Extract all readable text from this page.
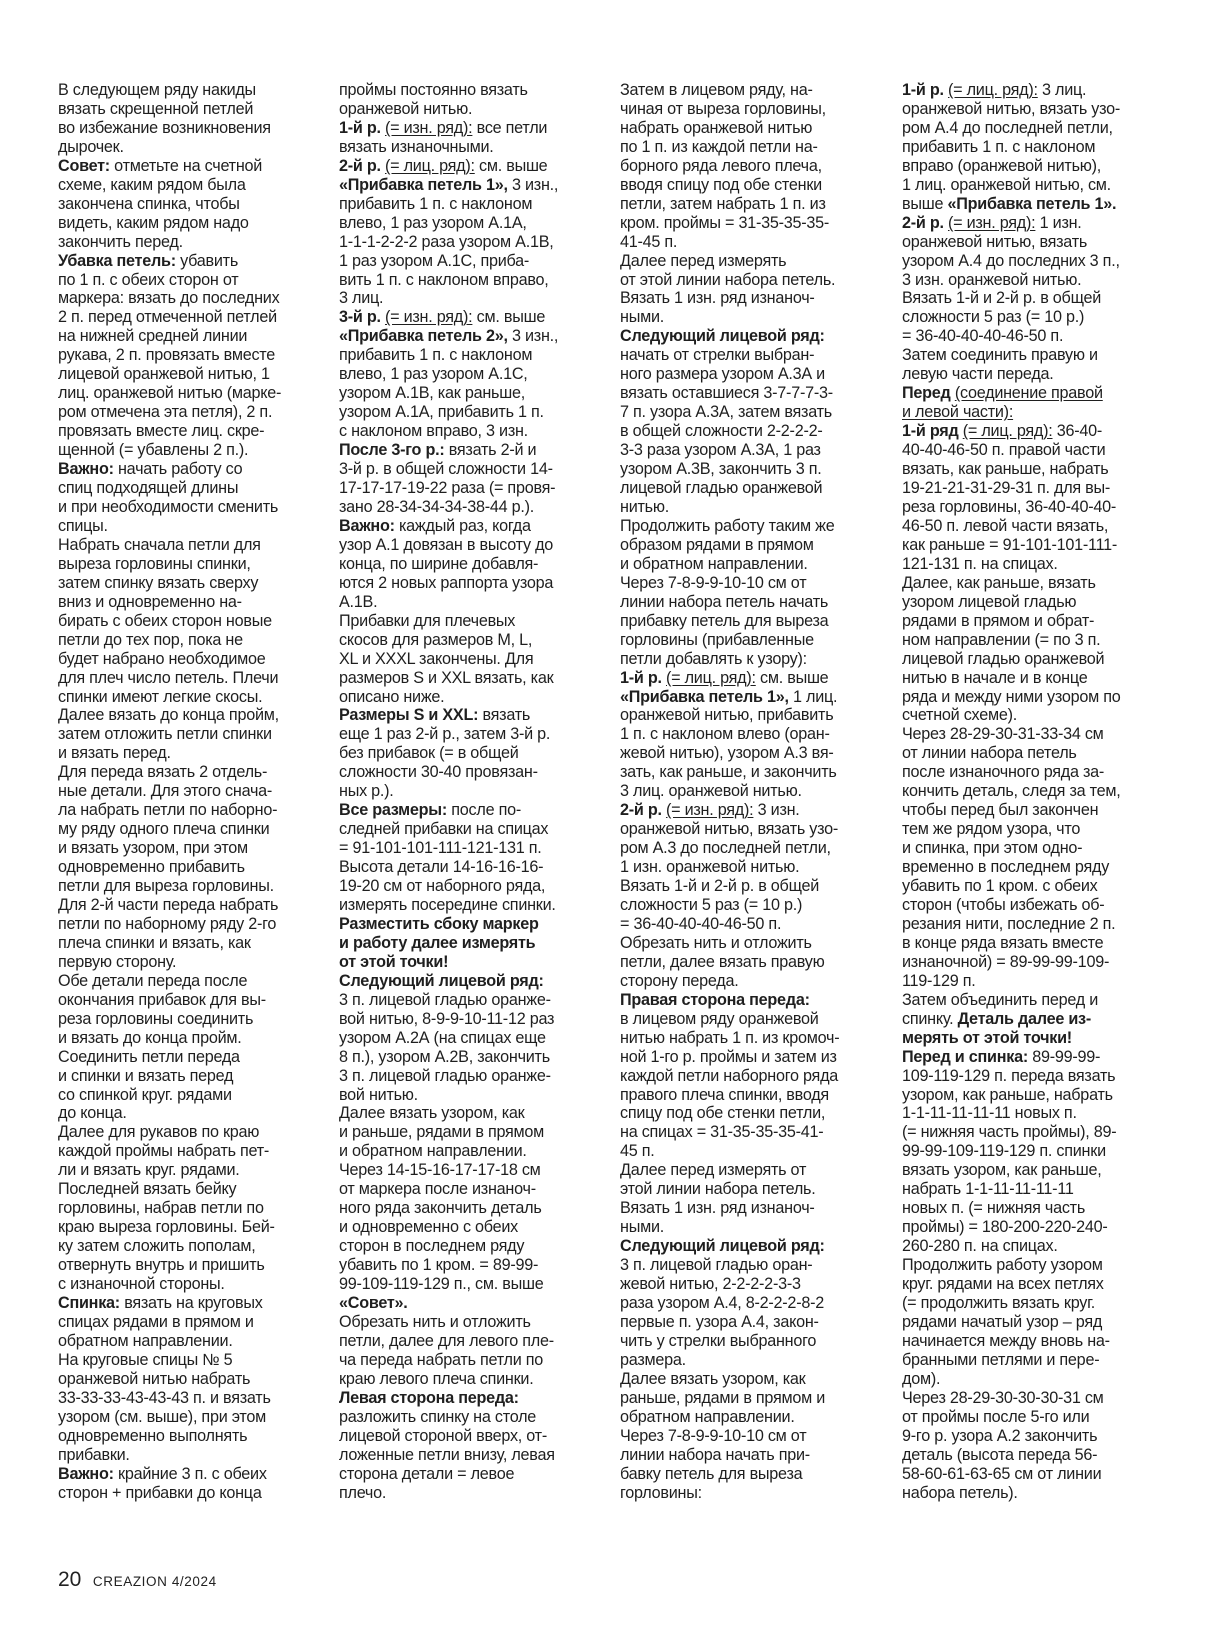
В следующем ряду накиды

вязать скрещенной петлей

во избежание возникновения

дырочек.

Совет: отметьте на счетной

схеме, каким рядом была

закончена спинка, чтобы

видеть, каким рядом надо

закончить перед.

Убавка петель: убавить

по 1 п. с обеих сторон от

маркера: вязать до последних

2 п. перед отмеченной петлей

на нижней средней линии

рукава, 2 п. провязать вместе

лицевой оранжевой нитью, 1

лиц. оранжевой нитью (марке-

ром отмечена эта петля), 2 п.

провязать вместе лиц. скре-

щенной (= убавлены 2 п.).

Важно: начать работу со

спиц подходящей длины

и при необходимости сменить

спицы.

Набрать сначала петли для

выреза горловины спинки,

затем спинку вязать сверху

вниз и одновременно на-

бирать с обеих сторон новые

петли до тех пор, пока не

будет набрано необходимое

для плеч число петель. Плечи

спинки имеют легкие скосы.

Далее вязать до конца пройм,

затем отложить петли спинки

и вязать перед.

Для переда вязать 2 отдель-

ные детали. Для этого снача-

ла набрать петли по наборно-

му ряду одного плеча спинки

и вязать узором, при этом

одновременно прибавить

петли для выреза горловины.

Для 2-й части переда набрать

петли по наборному ряду 2-го

плеча спинки и вязать, как

первую сторону.

Обе детали переда после

окончания прибавок для вы-

реза горловины соединить

и вязать до конца пройм.

Соединить петли переда

и спинки и вязать перед

со спинкой круг. рядами

до конца.

Далее для рукавов по краю

каждой проймы набрать пет-

ли и вязать круг. рядами.

Последней вязать бейку

горловины, набрав петли по

краю выреза горловины. Бей-

ку затем сложить пополам,

отвернуть внутрь и пришить

с изнаночной стороны.

Спинка: вязать на круговых

спицах рядами в прямом и

обратном направлении.

На круговые спицы № 5

оранжевой нитью набрать

33-33-33-43-43-43 п. и вязать

узором (см. выше), при этом

одновременно выполнять

прибавки.

Важно: крайние 3 п. с обеих

сторон + прибавки до конца

проймы постоянно вязать

оранжевой нитью.

1-й р. (= изн. ряд): все петли

вязать изнаночными.

2-й р. (= лиц. ряд): см. выше

«Прибавка петель 1», 3 изн.,

прибавить 1 п. с наклоном

влево, 1 раз узором А.1А,

1-1-1-2-2-2 раза узором А.1В,

1 раз узором А.1С, приба-

вить 1 п. с наклоном вправо,

3 лиц.

3-й р. (= изн. ряд): см. выше

«Прибавка петель 2», 3 изн.,

прибавить 1 п. с наклоном

влево, 1 раз узором А.1С,

узором А.1В, как раньше,

узором А.1А, прибавить 1 п.

с наклоном вправо, 3 изн.

После 3-го р.: вязать 2-й и

3-й р. в общей сложности 14-

17-17-17-19-22 раза (= провя-

зано 28-34-34-34-38-44 р.).

Важно: каждый раз, когда

узор А.1 довязан в высоту до

конца, по ширине добавля-

ются 2 новых раппорта узора

А.1В.

Прибавки для плечевых

скосов для размеров M, L,

XL и XXXL закончены. Для

размеров S и XXL вязать, как

описано ниже.

Размеры S и XXL: вязать

еще 1 раз 2-й р., затем 3-й р.

без прибавок (= в общей

сложности 30-40 провязан-

ных р.).

Все размеры: после по-

следней прибавки на спицах

= 91-101-101-111-121-131 п.

Высота детали 14-16-16-16-

19-20 см от наборного ряда,

измерять посередине спинки.

Разместить сбоку маркер

и работу далее измерять

от этой точки!

Следующий лицевой ряд:

3 п. лицевой гладью оранже-

вой нитью, 8-9-9-10-11-12 раз

узором А.2А (на спицах еще

8 п.), узором А.2В, закончить

3 п. лицевой гладью оранже-

вой нитью.

Далее вязать узором, как

и раньше, рядами в прямом

и обратном направлении.

Через 14-15-16-17-17-18 см

от маркера после изнаноч-

ного ряда закончить деталь

и одновременно с обеих

сторон в последнем ряду

убавить по 1 кром. = 89-99-

99-109-119-129 п., см. выше

«Совет».

Обрезать нить и отложить

петли, далее для левого пле-

ча переда набрать петли по

краю левого плеча спинки.

Левая сторона переда:

разложить спинку на столе

лицевой стороной вверх, от-

ложенные петли внизу, левая

сторона детали = левое

плечо.

Затем в лицевом ряду, на-

чиная от выреза горловины,

набрать оранжевой нитью

по 1 п. из каждой петли на-

борного ряда левого плеча,

вводя спицу под обе стенки

петли, затем набрать 1 п. из

кром. проймы = 31-35-35-35-

41-45 п.

Далее перед измерять

от этой линии набора петель.

Вязать 1 изн. ряд изнаноч-

ными.

Следующий лицевой ряд:

начать от стрелки выбран-

ного размера узором А.3А и

вязать оставшиеся 3-7-7-7-3-

7 п. узора А.3А, затем вязать

в общей сложности 2-2-2-2-

3-3 раза узором А.3А, 1 раз

узором А.3В, закончить 3 п.

лицевой гладью оранжевой

нитью.

Продолжить работу таким же

образом рядами в прямом

и обратном направлении.

Через 7-8-9-9-10-10 см от

линии набора петель начать

прибавку петель для выреза

горловины (прибавленные

петли добавлять к узору):

1-й р. (= лиц. ряд): см. выше

«Прибавка петель 1», 1 лиц.

оранжевой нитью, прибавить

1 п. с наклоном влево (оран-

жевой нитью), узором А.3 вя-

зать, как раньше, и закончить

3 лиц. оранжевой нитью.

2-й р. (= изн. ряд): 3 изн.

оранжевой нитью, вязать узо-

ром А.3 до последней петли,

1 изн. оранжевой нитью.

Вязать 1-й и 2-й р. в общей

сложности 5 раз (= 10 р.)

= 36-40-40-40-46-50 п.

Обрезать нить и отложить

петли, далее вязать правую

сторону переда.

Правая сторона переда:

в лицевом ряду оранжевой

нитью набрать 1 п. из кромоч-

ной 1-го р. проймы и затем из

каждой петли наборного ряда

правого плеча спинки, вводя

спицу под обе стенки петли,

на спицах = 31-35-35-35-41-

45 п.

Далее перед измерять от

этой линии набора петель.

Вязать 1 изн. ряд изнаноч-

ными.

Следующий лицевой ряд:

3 п. лицевой гладью оран-

жевой нитью, 2-2-2-2-3-3

раза узором А.4, 8-2-2-2-8-2

первые п. узора А.4, закон-

чить у стрелки выбранного

размера.

Далее вязать узором, как

раньше, рядами в прямом и

обратном направлении.

Через 7-8-9-9-10-10 см от

линии набора начать при-

бавку петель для выреза

горловины:

1-й р. (= лиц. ряд): 3 лиц.

оранжевой нитью, вязать узо-

ром А.4 до последней петли,

прибавить 1 п. с наклоном

вправо (оранжевой нитью),

1 лиц. оранжевой нитью, см.

выше «Прибавка петель 1».

2-й р. (= изн. ряд): 1 изн.

оранжевой нитью, вязать

узором А.4 до последних 3 п.,

3 изн. оранжевой нитью.

Вязать 1-й и 2-й р. в общей

сложности 5 раз (= 10 р.)

= 36-40-40-40-46-50 п.

Затем соединить правую и

левую части переда.

Перед (соединение правой

и левой части):

1-й ряд (= лиц. ряд): 36-40-

40-40-46-50 п. правой части

вязать, как раньше, набрать

19-21-21-31-29-31 п. для вы-

реза горловины, 36-40-40-40-

46-50 п. левой части вязать,

как раньше = 91-101-101-111-

121-131 п. на спицах.

Далее, как раньше, вязать

узором лицевой гладью

рядами в прямом и обрат-

ном направлении (= по 3 п.

лицевой гладью оранжевой

нитью в начале и в конце

ряда и между ними узором по

счетной схеме).

Через 28-29-30-31-33-34 см

от линии набора петель

после изнаночного ряда за-

кончить деталь, следя за тем,

чтобы перед был закончен

тем же рядом узора, что

и спинка, при этом одно-

временно в последнем ряду

убавить по 1 кром. с обеих

сторон (чтобы избежать об-

резания нити, последние 2 п.

в конце ряда вязать вместе

изнаночной) = 89-99-99-109-

119-129 п.

Затем объединить перед и

спинку. Деталь далее из-

мерять от этой точки!

Перед и спинка: 89-99-99-

109-119-129 п. переда вязать

узором, как раньше, набрать

1-1-11-11-11-11 новых п.

(= нижняя часть проймы), 89-

99-99-109-119-129 п. спинки

вязать узором, как раньше,

набрать 1-1-11-11-11-11

новых п. (= нижняя часть

проймы) = 180-200-220-240-

260-280 п. на спицах.

Продолжить работу узором

круг. рядами на всех петлях

(= продолжить вязать круг.

рядами начатый узор – ряд

начинается между вновь на-

бранными петлями и пере-

дом).

Через 28-29-30-30-30-31 см

от проймы после 5-го или

9-го р. узора А.2 закончить

деталь (высота переда 56-

58-60-61-63-65 см от линии

набора петель).

20 CREAZION 4/2024
